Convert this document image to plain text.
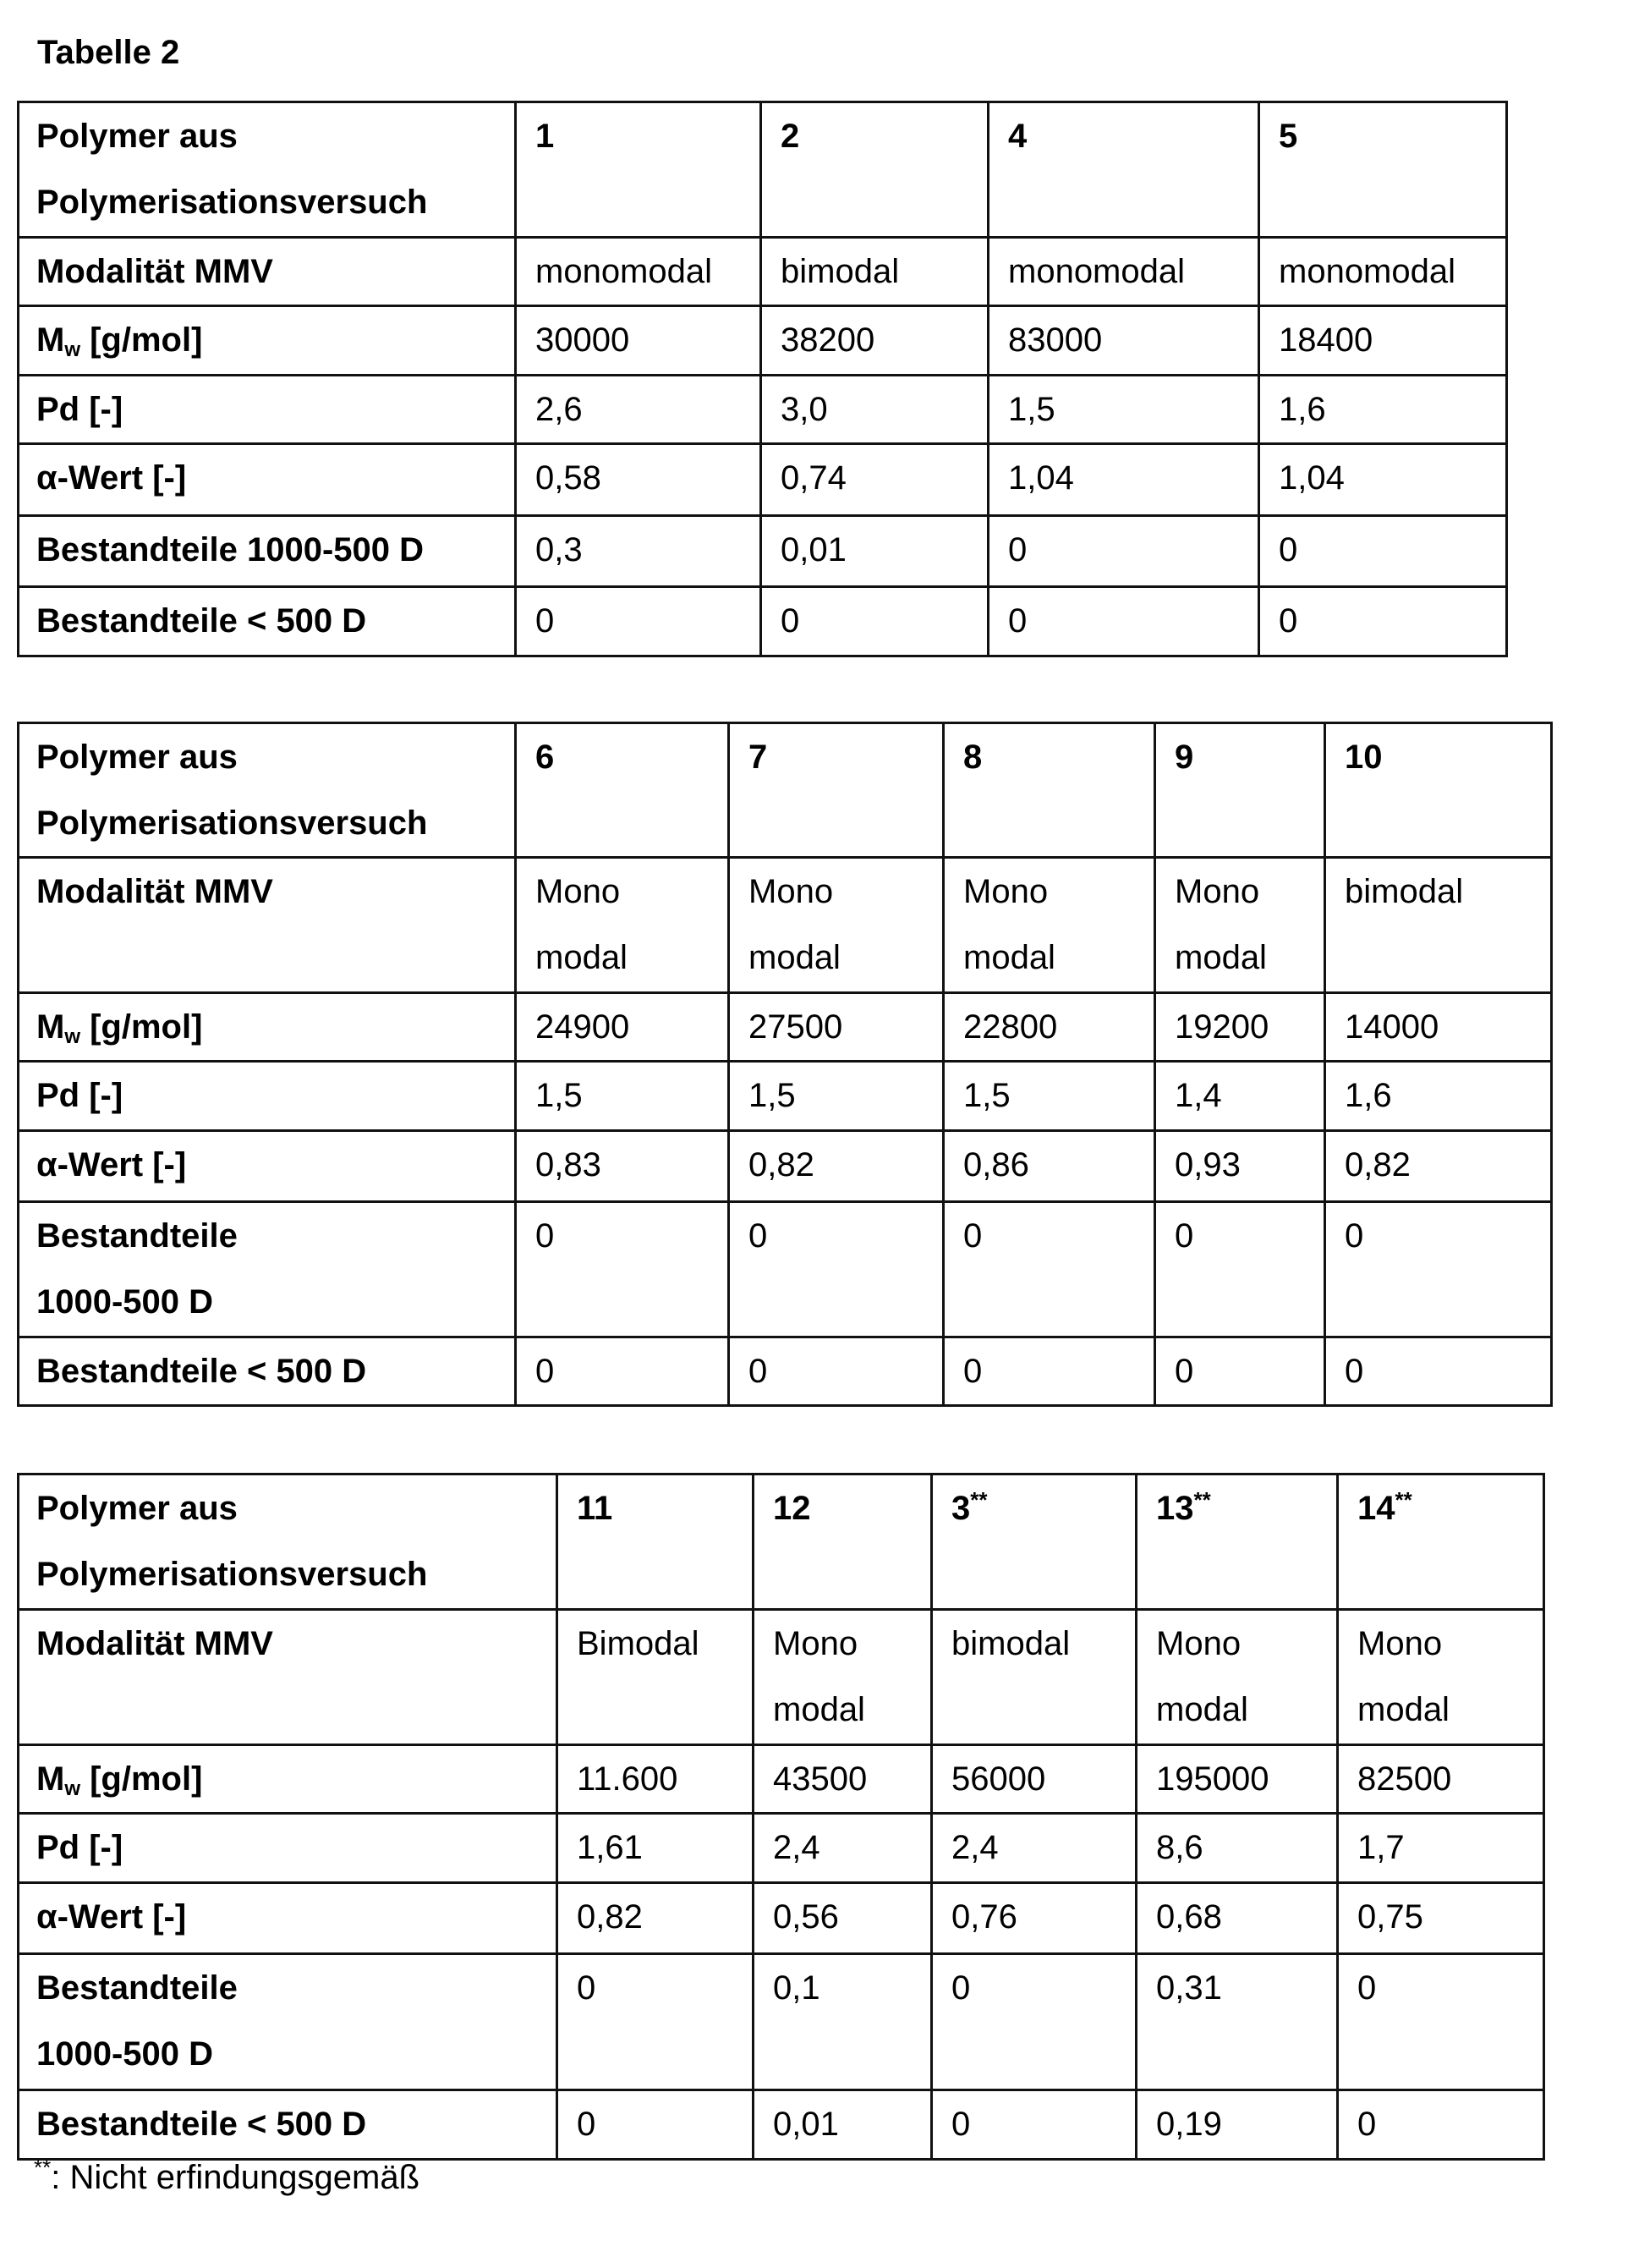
Tabelle 2
Polymer aus
Polymerisationsversuch	1	2	4	5
Modalität MMV	monomodal	bimodal	monomodal	monomodal
Mw [g/mol]	30000	38200	83000	18400
Pd [-]	2,6	3,0	1,5	1,6
α-Wert [-]	0,58	0,74	1,04	1,04
Bestandteile 1000-500 D	0,3	0,01	0	0
Bestandteile < 500 D	0	0	0	0
Polymer aus
Polymerisationsversuch	6	7	8	9	10
Modalität MMV	Mono
modal	Mono
modal	Mono
modal	Mono
modal	bimodal
Mw [g/mol]	24900	27500	22800	19200	14000
Pd [-]	1,5	1,5	1,5	1,4	1,6
α-Wert [-]	0,83	0,82	0,86	0,93	0,82
Bestandteile
1000-500 D	0	0	0	0	0
Bestandteile < 500 D	0	0	0	0	0
Polymer aus
Polymerisationsversuch	11	12	3**	13**	14**
Modalität MMV	Bimodal	Mono
modal	bimodal	Mono
modal	Mono
modal
Mw [g/mol]	11.600	43500	56000	195000	82500
Pd [-]	1,61	2,4	2,4	8,6	1,7
α-Wert [-]	0,82	0,56	0,76	0,68	0,75
Bestandteile
1000-500 D	0	0,1	0	0,31	0
Bestandteile < 500 D	0	0,01	0	0,19	0
**: Nicht erfindungsgemäß
